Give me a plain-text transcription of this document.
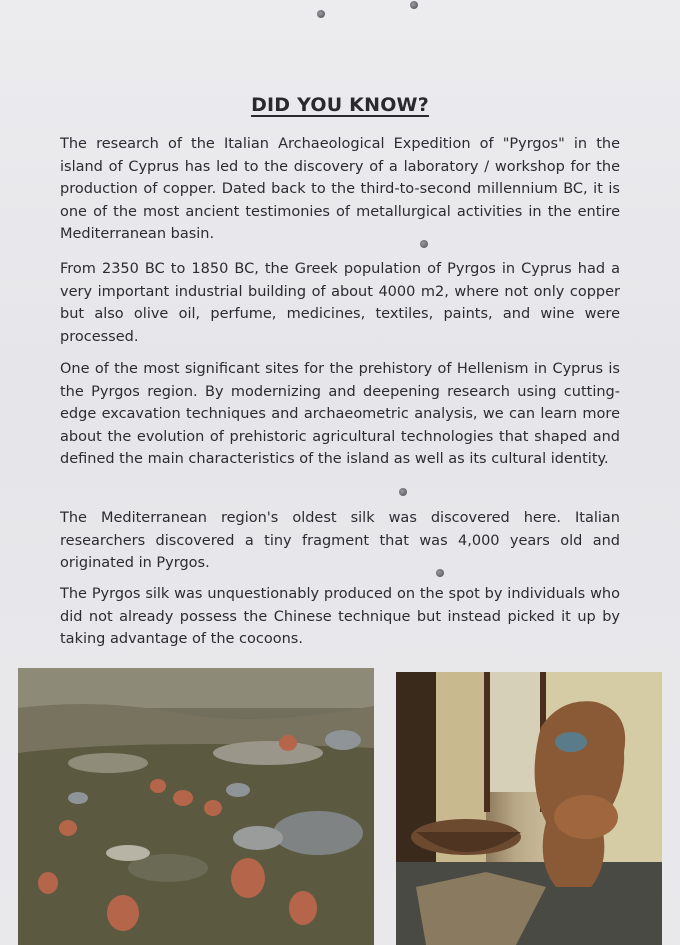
DID YOU KNOW?

The research of the Italian Archaeological Expedition of "Pyrgos" in the island of Cyprus has led to the discovery of a laboratory / workshop for the production of copper. Dated back to the third-to-second millennium BC, it is one of the most ancient testimonies of metallurgical activities in the entire Mediterranean basin.

From 2350 BC to 1850 BC, the Greek population of Pyrgos in Cyprus had a very important industrial building of about 4000 m2, where not only copper but also olive oil, perfume, medicines, textiles, paints, and wine were processed.

One of the most significant sites for the prehistory of Hellenism in Cyprus is the Pyrgos region. By modernizing and deepening research using cutting-edge excavation techniques and archaeometric analysis, we can learn more about the evolution of prehistoric agricultural technologies that shaped and defined the main characteristics of the island as well as its cultural identity.

The Mediterranean region's oldest silk was discovered here. Italian researchers discovered a tiny fragment that was 4,000 years old and originated in Pyrgos.

The Pyrgos silk was unquestionably produced on the spot by individuals who did not already possess the Chinese technique but instead picked it up by taking advantage of the cocoons.
